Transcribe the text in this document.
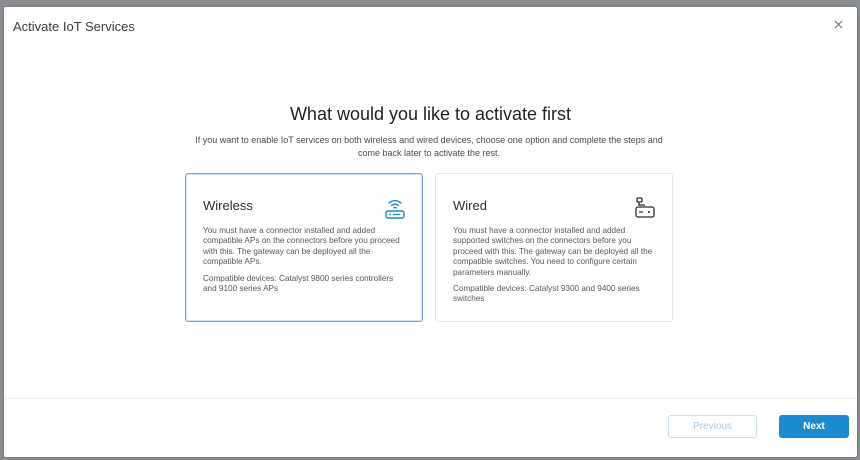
Activate IoT Services
What would you like to activate first
If you want to enable IoT services on both wireless and wired devices, choose one option and complete the steps and come back later to activate the rest.
Wireless

You must have a connector installed and added compatible APs on the connectors before you proceed with this. The gateway can be deployed all the compatible APs.

Compatible devices: Catalyst 9800 series controllers and 9100 series APs

Wired

You must have a connector installed and added supported switches on the connectors before you proceed with this. The gateway can be deployed all the compatible switches. You need to configure certain parameters manually.

Compatible devices: Catalyst 9300 and 9400 series switches

Previous	Next
